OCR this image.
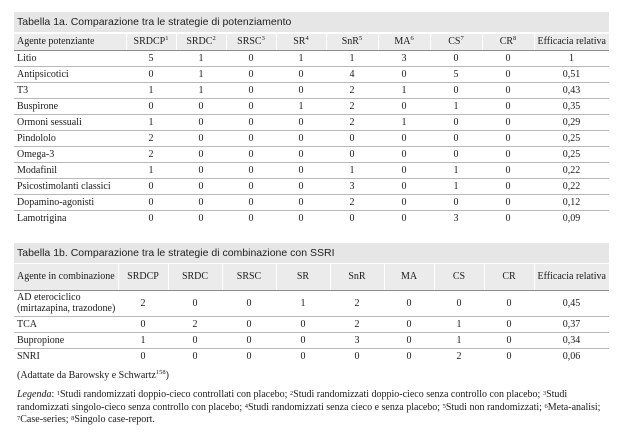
Tabella 1a. Comparazione tra le strategie di potenziamento
Agente potenziante	SRDCP$^1$	SRDC$^2$	SRSC$^3$	$SR^4$	SnR$^5$	$MA^6$	$CS^7$	$CR^8$	Efficacia relativa
Litio	5	1	0	1	1	3	0	0	1
Antipsicotici	0	1	0	0	4	0	5	0	0,51
T3	1	1	0	0	2	1	0	0	0,43
Buspirone	0	0	0	1	2	0	1	0	0,35
Ormoni sessuali	1	0	0	0	2	1	0	0	0,29
Pindololo	2	0	0	0	0	0	0	0	0,25
Omega-3	2	0	0	0	0	0	0	0	0,25
Modafinil	1	0	0	0	1	0	1	0	0,22
Psicostimolanti classici	0	0	0	0	3	0	1	0	0,22
Dopamino-agonisti	0	0	0	0	2	0	0	0	0,12
Lamotrigina	0	0	0	0	0	0	3	0	0,09
Tabella 1b. Comparazione tra le strategie di combinazione con SSRI
Agente in combinazione	SRDCP	SRDC	SRSC	SR	SnR	MA	CS	CR	Efficacia relativa
AD eterociclico (mirtazapina, trazodone)	2	0	0	1	2	0	0	0	0,45
TCA	0	2	0	0	2	0	1	0	0,37
Bupropione	1	0	0	0	3	0	1	0	0,34
SNRI	0	0	0	0	0	0	2	0	0,06
(Adattate da Barowsky e Schwartz$^{158}$)
Legenda: $^1$Studi randomizzati doppio-cieco controllati con placebo; $^2$Studi randomizzati doppio-cieco senza controllo con placebo; $^3$Studi randomizzati singolo-cieco senza controllo con placebo; $^4$Studi randomizzati senza cieco e senza placebo; $^5$Studi non randomizzati; $^6$Meta-analisi; $^7$Case-series; $^8$Singolo case-report.
